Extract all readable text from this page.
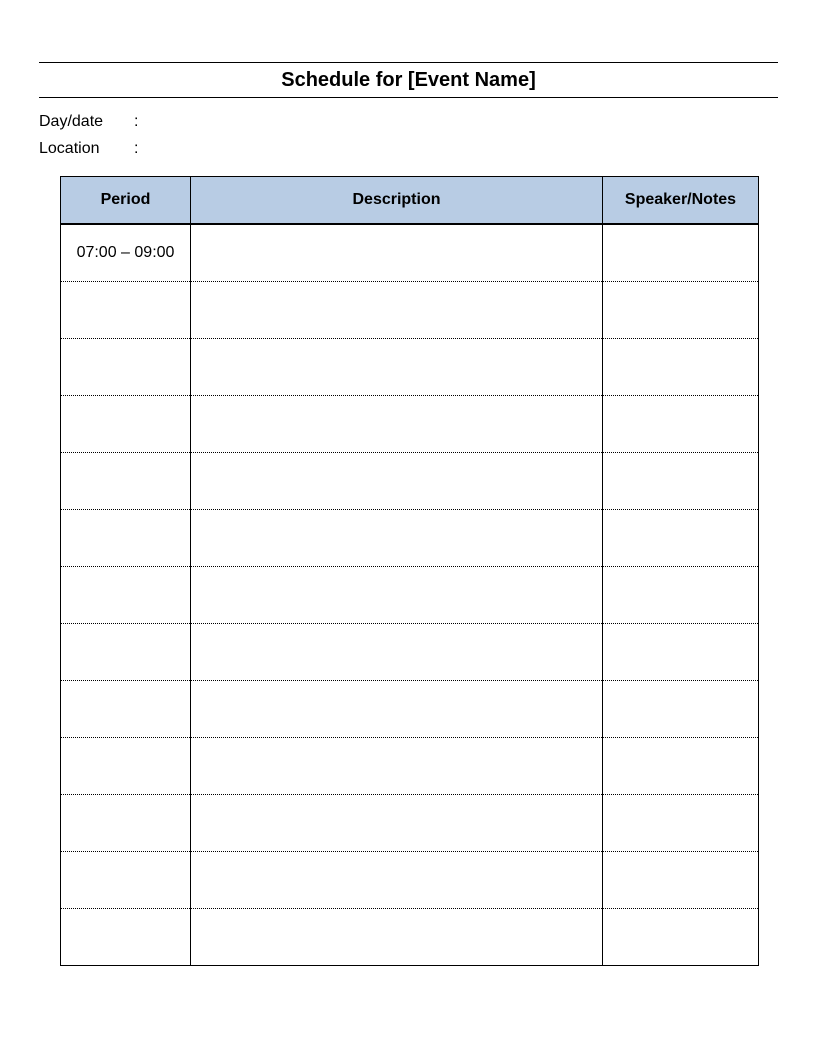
Schedule for [Event Name]
Day/date :
Location :
Period	Description	Speaker/Notes
07:00 – 09:00		
